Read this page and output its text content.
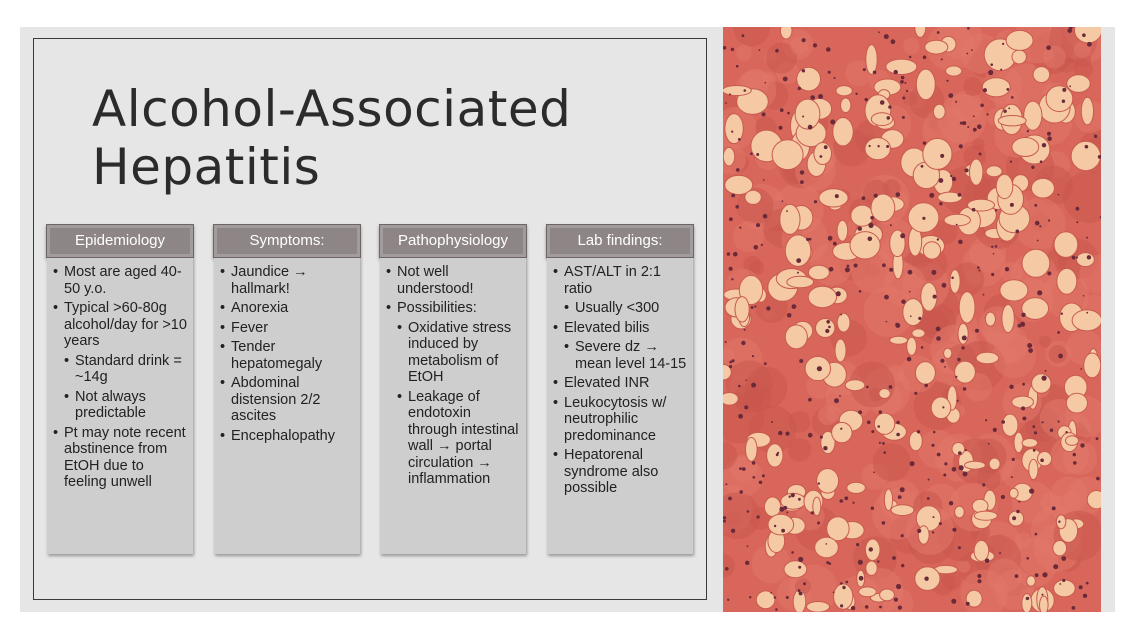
Alcohol-Associated
Hepatitis
Epidemiology
• Most are aged 40-50 y.o.
• Typical >60-80g alcohol/day for >10 years
• Standard drink = ~14g
• Not always predictable
• Pt may note recent abstinence from EtOH due to feeling unwell
Symptoms:
• Jaundice → hallmark!
• Anorexia
• Fever
• Tender hepatomegaly
• Abdominal distension 2/2 ascites
• Encephalopathy
Pathophysiology
• Not well understood!
• Possibilities:
• Oxidative stress induced by metabolism of EtOH
• Leakage of endotoxin through intestinal wall → portal circulation → inflammation
Lab findings:
• AST/ALT in 2:1 ratio
• Usually <300
• Elevated bilis
• Severe dz → mean level 14-15
• Elevated INR
• Leukocytosis w/ neutrophilic predominance
• Hepatorenal syndrome also possible
